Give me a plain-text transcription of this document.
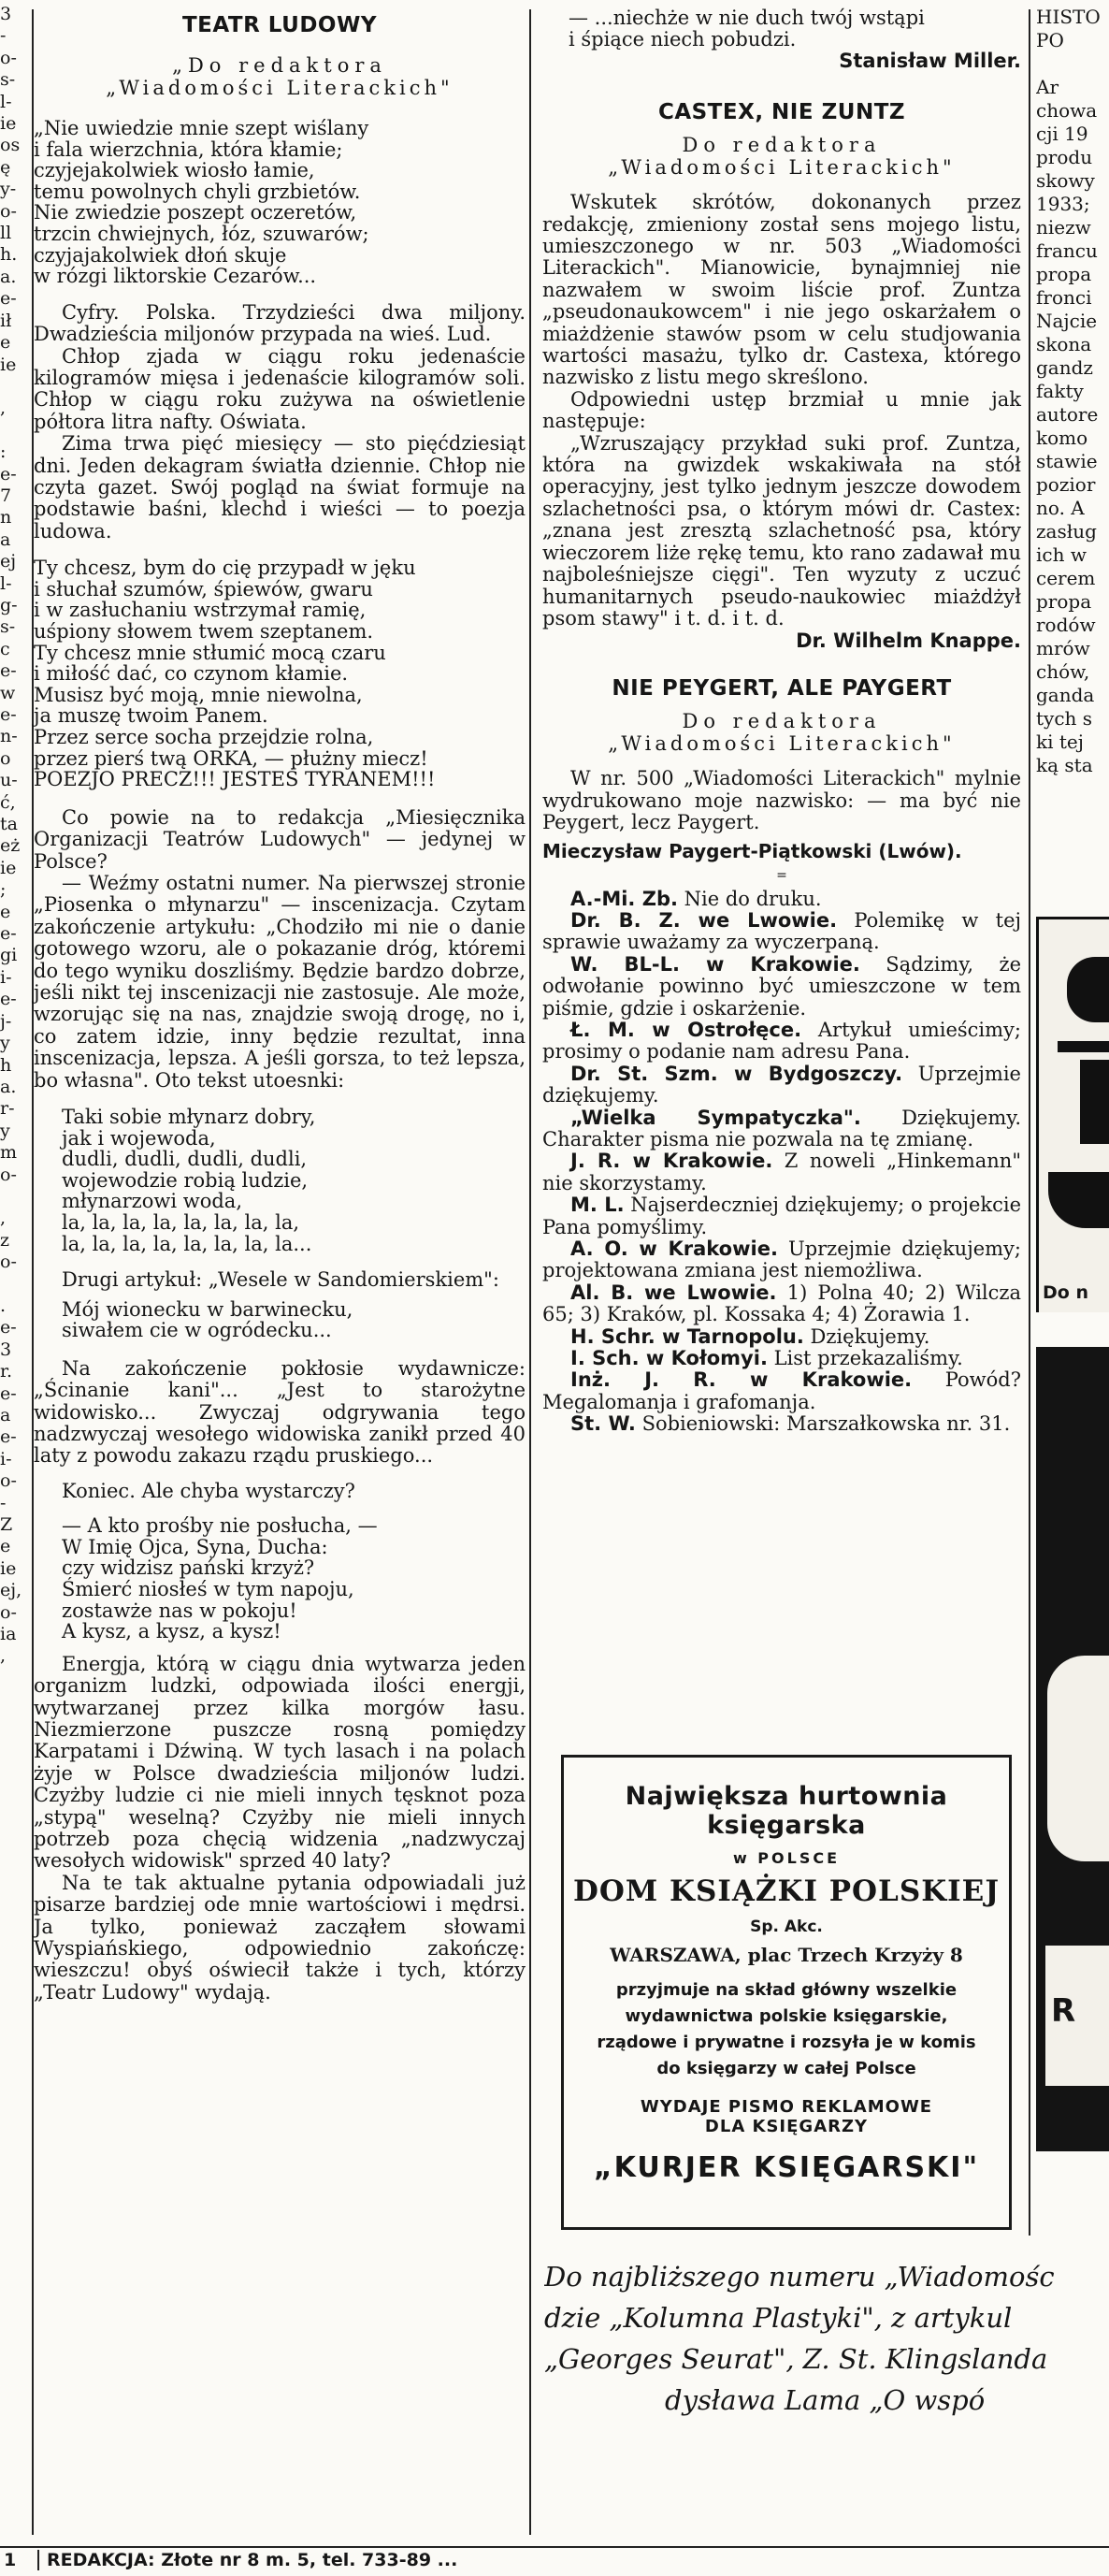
3
-
o-
s-
l-
ie
os
ę
y-
o-
ll
h.
a.
e-
ił
e
ie

,

:
e-
7
n
a
ej
l-
g-
s-
c
e-
w
e-
n-
o
u-
ć,
ta
eż
ie
;
e
e-
gi
i-
e-
j-
y
h
a.
r-
y
m
o-

,
z
o-

.
e-
3
r.
e-
a
e-
i-
o-
-
Z
e
ie
ej,
o-
ia
,

TEATR LUDOWY
„Do redaktora
„Wiadomości Literackich"
„Nie uwiedzie mnie szept wiślany
i fala wierzchnia, która kłamie;
czyjejakolwiek wiosło łamie,
temu powolnych chyli grzbietów.
Nie zwiedzie poszept oczeretów,
trzcin chwiejnych, łóz, szuwarów;
czyjajakolwiek dłoń skuje
w rózgi liktorskie Cezarów...

Cyfry. Polska. Trzydzieści dwa miljony. Dwadzieścia miljonów przypada na wieś. Lud.

Chłop zjada w ciągu roku jedenaście kilogramów mięsa i jedenaście kilogramów soli. Chłop w ciągu roku zużywa na oświetlenie półtora litra nafty. Oświata.

Zima trwa pięć miesięcy — sto pięćdziesiąt dni. Jeden dekagram światła dziennie. Chłop nie czyta gazet. Swój pogląd na świat formuje na podstawie baśni, klechd i wieści — to poezja ludowa.

Ty chcesz, bym do cię przypadł w jęku
i słuchał szumów, śpiewów, gwaru
i w zasłuchaniu wstrzymał ramię,
uśpiony słowem twem szeptanem.
Ty chcesz mnie stłumić mocą czaru
i miłość dać, co czynom kłamie.
Musisz być moją, mnie niewolna,
ja muszę twoim Panem.
Przez serce socha przejdzie rolna,
przez pierś twą ORKA, — płużny miecz!
POEZJO PRECZ!!! JESTEŚ TYRANEM!!!

Co powie na to redakcja „Miesięcznika Organizacji Teatrów Ludowych" — jedynej w Polsce?

— Weźmy ostatni numer. Na pierwszej stronie „Piosenka o młynarzu" — inscenizacja. Czytam zakończenie artykułu: „Chodziło mi nie o danie gotowego wzoru, ale o pokazanie dróg, któremi do tego wyniku doszliśmy. Będzie bardzo dobrze, jeśli nikt tej inscenizacji nie zastosuje. Ale może, wzorując się na nas, znajdzie swoją drogę, no i, co zatem idzie, inny będzie rezultat, inna inscenizacja, lepsza. A jeśli gorsza, to też lepsza, bo własna". Oto tekst utoesnki:

Taki sobie młynarz dobry,
jak i wojewoda,
dudli, dudli, dudli, dudli,
wojewodzie robią ludzie,
młynarzowi woda,
la, la, la, la, la, la, la, la,
la, la, la, la, la, la, la, la...

Drugi artykuł: „Wesele w Sandomierskiem":

Mój wionecku w barwinecku,
siwałem cie w ogródecku...

Na zakończenie pokłosie wydawnicze: „Ścinanie kani"... „Jest to starożytne widowisko... Zwyczaj odgrywania tego nadzwyczaj wesołego widowiska zanikł przed 40 laty z powodu zakazu rządu pruskiego...

Koniec. Ale chyba wystarczy?

— A kto prośby nie posłucha, —
W Imię Ojca, Syna, Ducha:
czy widzisz pański krzyż?
Śmierć niosłeś w tym napoju,
zostawże nas w pokoju!
A kysz, a kysz, a kysz!

Energja, którą w ciągu dnia wytwarza jeden organizm ludzki, odpowiada ilości energji, wytwarzanej przez kilka morgów łasu. Niezmierzone puszcze rosną pomiędzy Karpatami i Dźwiną. W tych lasach i na polach żyje w Polsce dwadzieścia miljonów ludzi. Czyżby ludzie ci nie mieli innych tęsknot poza „stypą" weselną? Czyżby nie mieli innych potrzeb poza chęcią widzenia „nadzwyczaj wesołych widowisk" sprzed 40 laty?

Na te tak aktualne pytania odpowiadali już pisarze bardziej ode mnie wartościowi i mędrsi. Ja tylko, ponieważ zacząłem słowami Wyspiańskiego, odpowiednio zakończę: wieszczu! obyś oświecił także i tych, którzy „Teatr Ludowy" wydają.

— ...niechże w nie duch twój wstąpi
i śpiące niech pobudzi.
Stanisław Miller.
CASTEX, NIE ZUNTZ
Do redaktora
„Wiadomości Literackich"

Wskutek skrótów, dokonanych przez redakcję, zmieniony został sens mojego listu, umieszczonego w nr. 503 „Wiadomości Literackich". Mianowicie, bynajmniej nie nazwałem w swoim liście prof. Zuntza „pseudonaukowcem" i nie jego oskarżałem o miażdżenie stawów psom w celu studjowania wartości masażu, tylko dr. Castexa, którego nazwisko z listu mego skreślono.

Odpowiedni ustęp brzmiał u mnie jak następuje:

„Wzruszający przykład suki prof. Zuntza, która na gwizdek wskakiwała na stół operacyjny, jest tylko jednym jeszcze dowodem szlachetności psa, o którym mówi dr. Castex: „znana jest zresztą szlachetność psa, który wieczorem liże rękę temu, kto rano zadawał mu najboleśniejsze cięgi". Ten wyzuty z uczuć humanitarnych pseudo-naukowiec miażdżył psom stawy" i t. d. i t. d.

Dr. Wilhelm Knappe.
NIE PEYGERT, ALE PAYGERT
Do redaktora
„Wiadomości Literackich"

W nr. 500 „Wiadomości Literackich" mylnie wydrukowano moje nazwisko: — ma być nie Peygert, lecz Paygert.

Mieczysław Paygert-Piątkowski (Lwów).
=

A.-Mi. Zb. Nie do druku.

Dr. B. Z. we Lwowie. Polemikę w tej sprawie uważamy za wyczerpaną.

W. BL-L. w Krakowie. Sądzimy, że odwołanie powinno być umieszczone w tem piśmie, gdzie i oskarżenie.

Ł. M. w Ostrołęce. Artykuł umieścimy; prosimy o podanie nam adresu Pana.

Dr. St. Szm. w Bydgoszczy. Uprzejmie dziękujemy.

„Wielka Sympatyczka". Dziękujemy. Charakter pisma nie pozwala na tę zmianę.

J. R. w Krakowie. Z noweli „Hinkemann" nie skorzystamy.

M. L. Najserdeczniej dziękujemy; o projekcie Pana pomyślimy.

A. O. w Krakowie. Uprzejmie dziękujemy; projektowana zmiana jest niemożliwa.

Al. B. we Lwowie. 1) Polna 40; 2) Wilcza 65; 3) Kraków, pl. Kossaka 4; 4) Żorawia 1.

H. Schr. w Tarnopolu. Dziękujemy.

I. Sch. w Kołomyi. List przekazaliśmy.

Inż. J. R. w Krakowie. Powód? Megalomanja i grafomanja.

St. W. Sobieniowski: Marszałkowska nr. 31.

Największa hurtownia księgarska
w POLSCE
DOM KSIĄŻKI POLSKIEJ
Sp. Akc.
WARSZAWA, plac Trzech Krzyży 8
przyjmuje na skład główny wszelkie wydawnictwa polskie księgarskie, rządowe i prywatne i rozsyła je w komis do księgarzy w całej Polsce
WYDAJE PISMO REKLAMOWE
DLA KSIĘGARZY
„KURJER KSIĘGARSKI"
HISTO
PO

Ar
chowa
cji 19
produ
skowy
1933;
niezw
francu
propa
fronci
Najcie
skona
gandz
fakty
autore
komo
stawie
pozior
no. A
zasług
ich w
cerem
propa
rodów
mrów
chów,
ganda
tych s
ki tej
ką sta
Do n
R
Do najbliższego numeru „Wiadomośc
dzie „Kolumna Plastyki", z artykul
„Georges Seurat", Z. St. Klingslanda
dysława Lama „O wspó
1	REDAKCJA: Złote nr 8 m. 5, tel. 733-89 ...
